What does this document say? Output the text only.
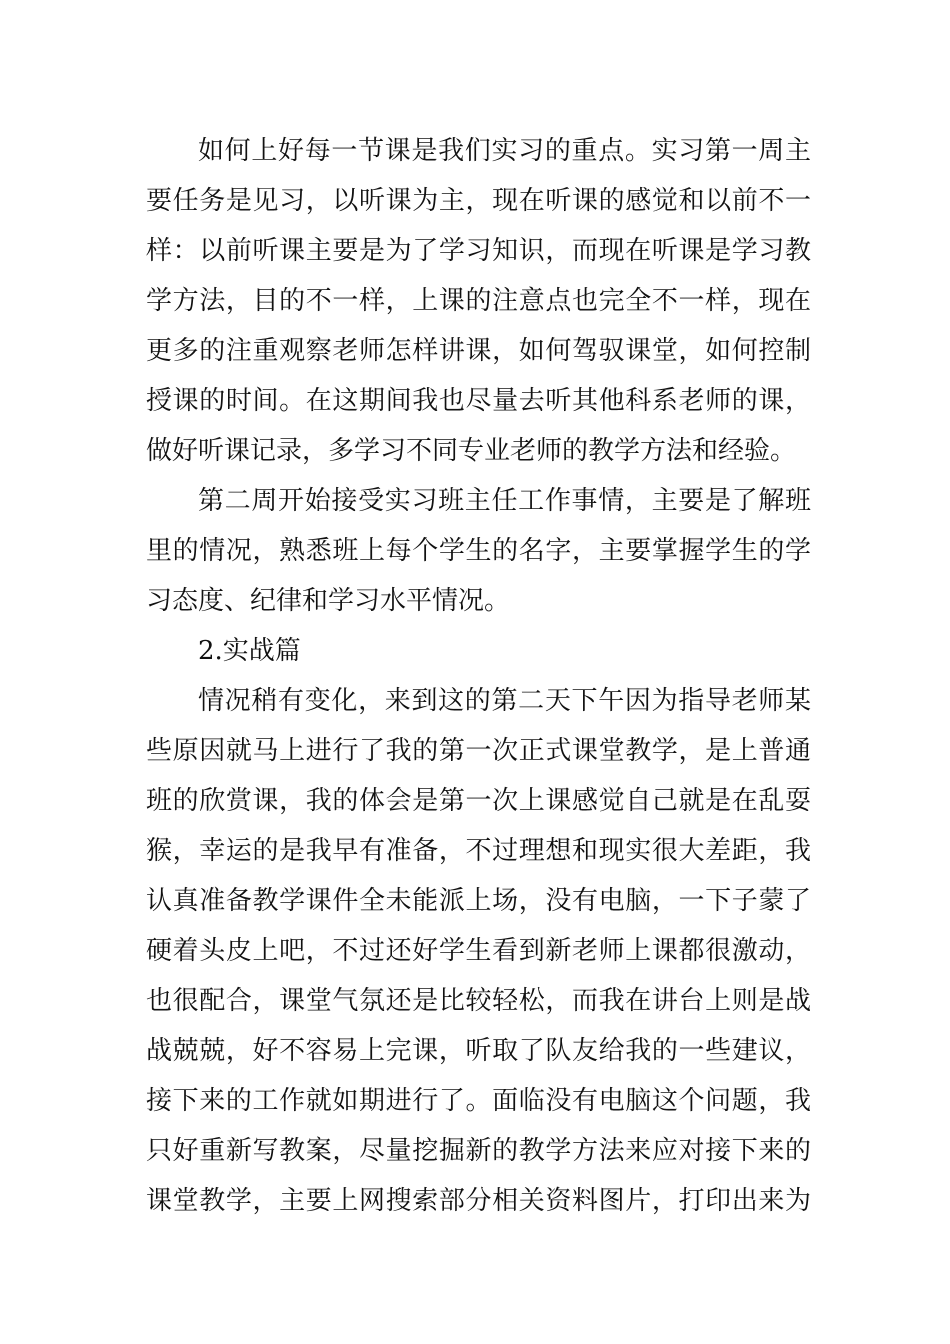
如何上好每一节课是我们实习的重点。实习第一周主
要任务是见习，以听课为主，现在听课的感觉和以前不一
样：以前听课主要是为了学习知识，而现在听课是学习教
学方法，目的不一样，上课的注意点也完全不一样，现在
更多的注重观察老师怎样讲课，如何驾驭课堂，如何控制
授课的时间。在这期间我也尽量去听其他科系老师的课，
做好听课记录，多学习不同专业老师的教学方法和经验。
第二周开始接受实习班主任工作事情，主要是了解班
里的情况，熟悉班上每个学生的名字，主要掌握学生的学
习态度、纪律和学习水平情况。
2.实战篇
情况稍有变化，来到这的第二天下午因为指导老师某
些原因就马上进行了我的第一次正式课堂教学，是上普通
班的欣赏课，我的体会是第一次上课感觉自己就是在乱耍
猴，幸运的是我早有准备，不过理想和现实很大差距，我
认真准备教学课件全未能派上场，没有电脑，一下子蒙了
硬着头皮上吧，不过还好学生看到新老师上课都很激动，
也很配合，课堂气氛还是比较轻松，而我在讲台上则是战
战兢兢，好不容易上完课，听取了队友给我的一些建议，
接下来的工作就如期进行了。面临没有电脑这个问题，我
只好重新写教案，尽量挖掘新的教学方法来应对接下来的
课堂教学，主要上网搜索部分相关资料图片，打印出来为
